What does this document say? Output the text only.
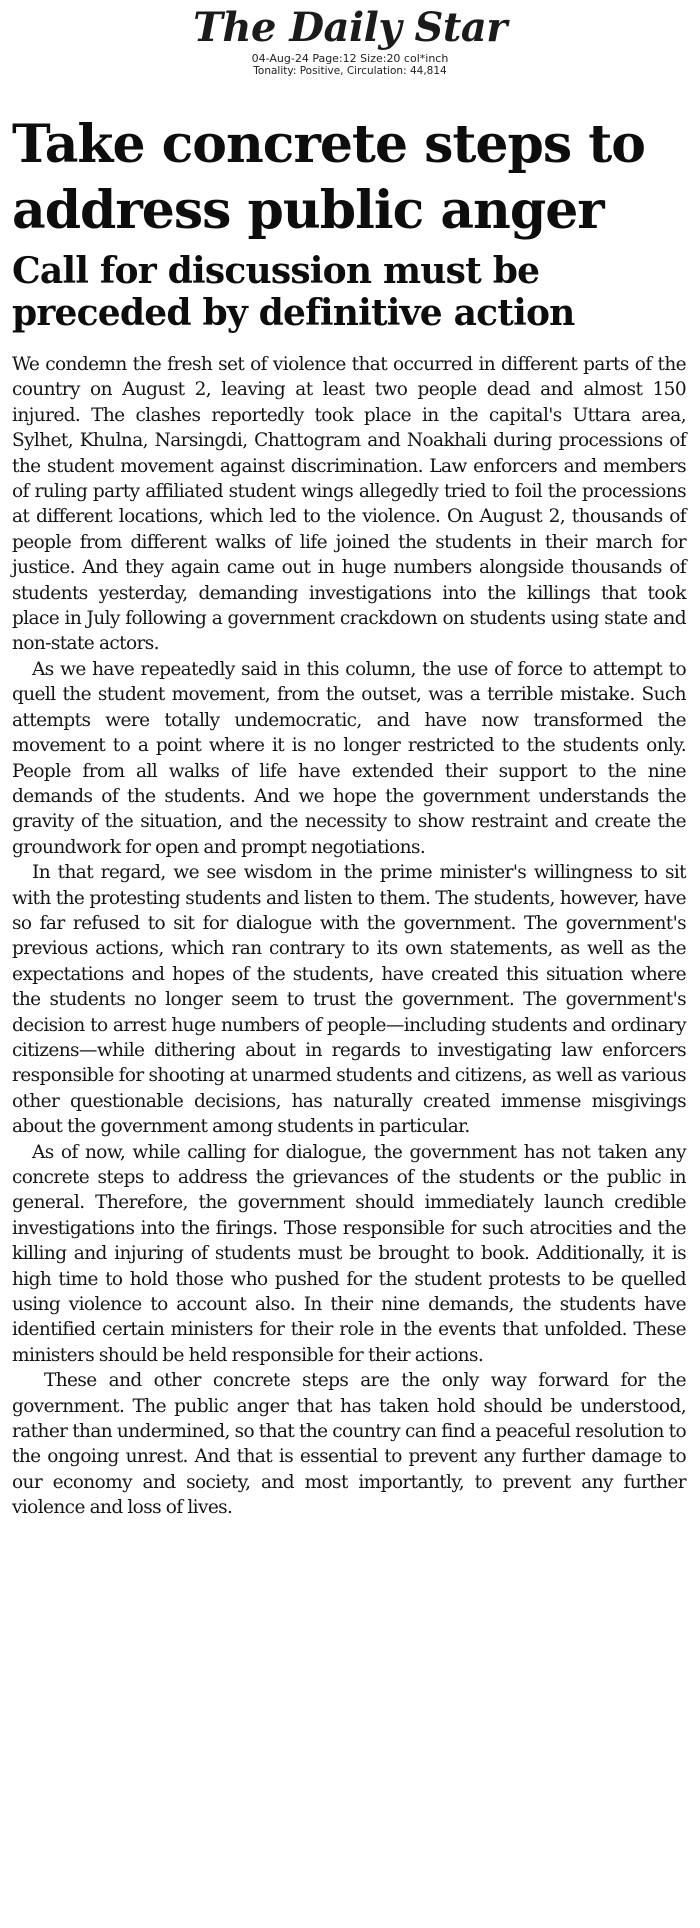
The Daily Star
04-Aug-24 Page:12 Size:20 col*inch
Tonality: Positive, Circulation: 44,814
Take concrete steps to address public anger
Call for discussion must be preceded by definitive action

We condemn the fresh set of violence that occurred in different parts of the country on August 2, leaving at least two people dead and almost 150 injured. The clashes reportedly took place in the capital's Uttara area, Sylhet, Khulna, Narsingdi, Chattogram and Noakhali during processions of the student movement against discrimination. Law enforcers and members of ruling party affiliated student wings allegedly tried to foil the processions at different locations, which led to the violence. On August 2, thousands of people from different walks of life joined the students in their march for justice. And they again came out in huge numbers alongside thousands of students yesterday, demanding investigations into the killings that took place in July following a government crackdown on students using state and non-state actors.

As we have repeatedly said in this column, the use of force to attempt to quell the student movement, from the outset, was a terrible mistake. Such attempts were totally undemocratic, and have now transformed the movement to a point where it is no longer restricted to the students only. People from all walks of life have extended their support to the nine demands of the students. And we hope the government understands the gravity of the situation, and the necessity to show restraint and create the groundwork for open and prompt negotiations.

In that regard, we see wisdom in the prime minister's willingness to sit with the protesting students and listen to them. The students, however, have so far refused to sit for dialogue with the government. The government's previous actions, which ran contrary to its own statements, as well as the expectations and hopes of the students, have created this situation where the students no longer seem to trust the government. The government's decision to arrest huge numbers of people—including students and ordinary citizens—while dithering about in regards to investigating law enforcers responsible for shooting at unarmed students and citizens, as well as various other questionable decisions, has naturally created immense misgivings about the government among students in particular.

As of now, while calling for dialogue, the government has not taken any concrete steps to address the grievances of the students or the public in general. Therefore, the government should immediately launch credible investigations into the firings. Those responsible for such atrocities and the killing and injuring of students must be brought to book. Additionally, it is high time to hold those who pushed for the student protests to be quelled using violence to account also. In their nine demands, the students have identified certain ministers for their role in the events that unfolded. These ministers should be held responsible for their actions.

These and other concrete steps are the only way forward for the government. The public anger that has taken hold should be understood, rather than undermined, so that the country can find a peaceful resolution to the ongoing unrest. And that is essential to prevent any further damage to our economy and society, and most importantly, to prevent any further violence and loss of lives.
